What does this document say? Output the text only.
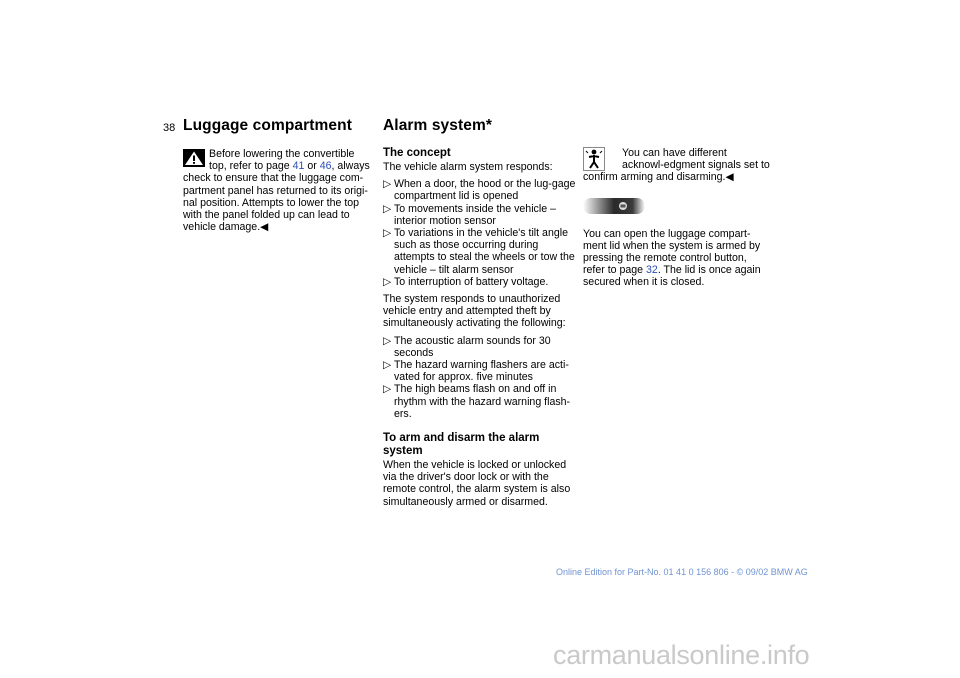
38 Luggage compartment
Before lowering the convertible
top, refer to page 41 or 46, always
check to ensure that the luggage com-partment panel has returned to its origi-nal position. Attempts to lower the top with the panel folded up can lead to vehicle damage.◀
Alarm system*
The concept

The vehicle alarm system responds:

▷ When a door, the hood or the lug-gage compartment lid is opened
▷ To movements inside the vehicle – interior motion sensor
▷ To variations in the vehicle's tilt angle such as those occurring during attempts to steal the wheels or tow the vehicle – tilt alarm sensor
▷ To interruption of battery voltage.

The system responds to unauthorized vehicle entry and attempted theft by simultaneously activating the following:

▷ The acoustic alarm sounds for 30 seconds
▷ The hazard warning flashers are acti-vated for approx. five minutes
▷ The high beams flash on and off in rhythm with the hazard warning flash-ers.
To arm and disarm the alarm system

When the vehicle is locked or unlocked via the driver's door lock or with the remote control, the alarm system is also simultaneously armed or disarmed.

You can have different acknowl-edgment signals set to confirm arming and disarming.◀

You can open the luggage compart-ment lid when the system is armed by pressing the remote control button, refer to page 32. The lid is once again secured when it is closed.

Online Edition for Part-No. 01 41 0 156 806 - © 09/02 BMW AG
carmanualsonline.info
